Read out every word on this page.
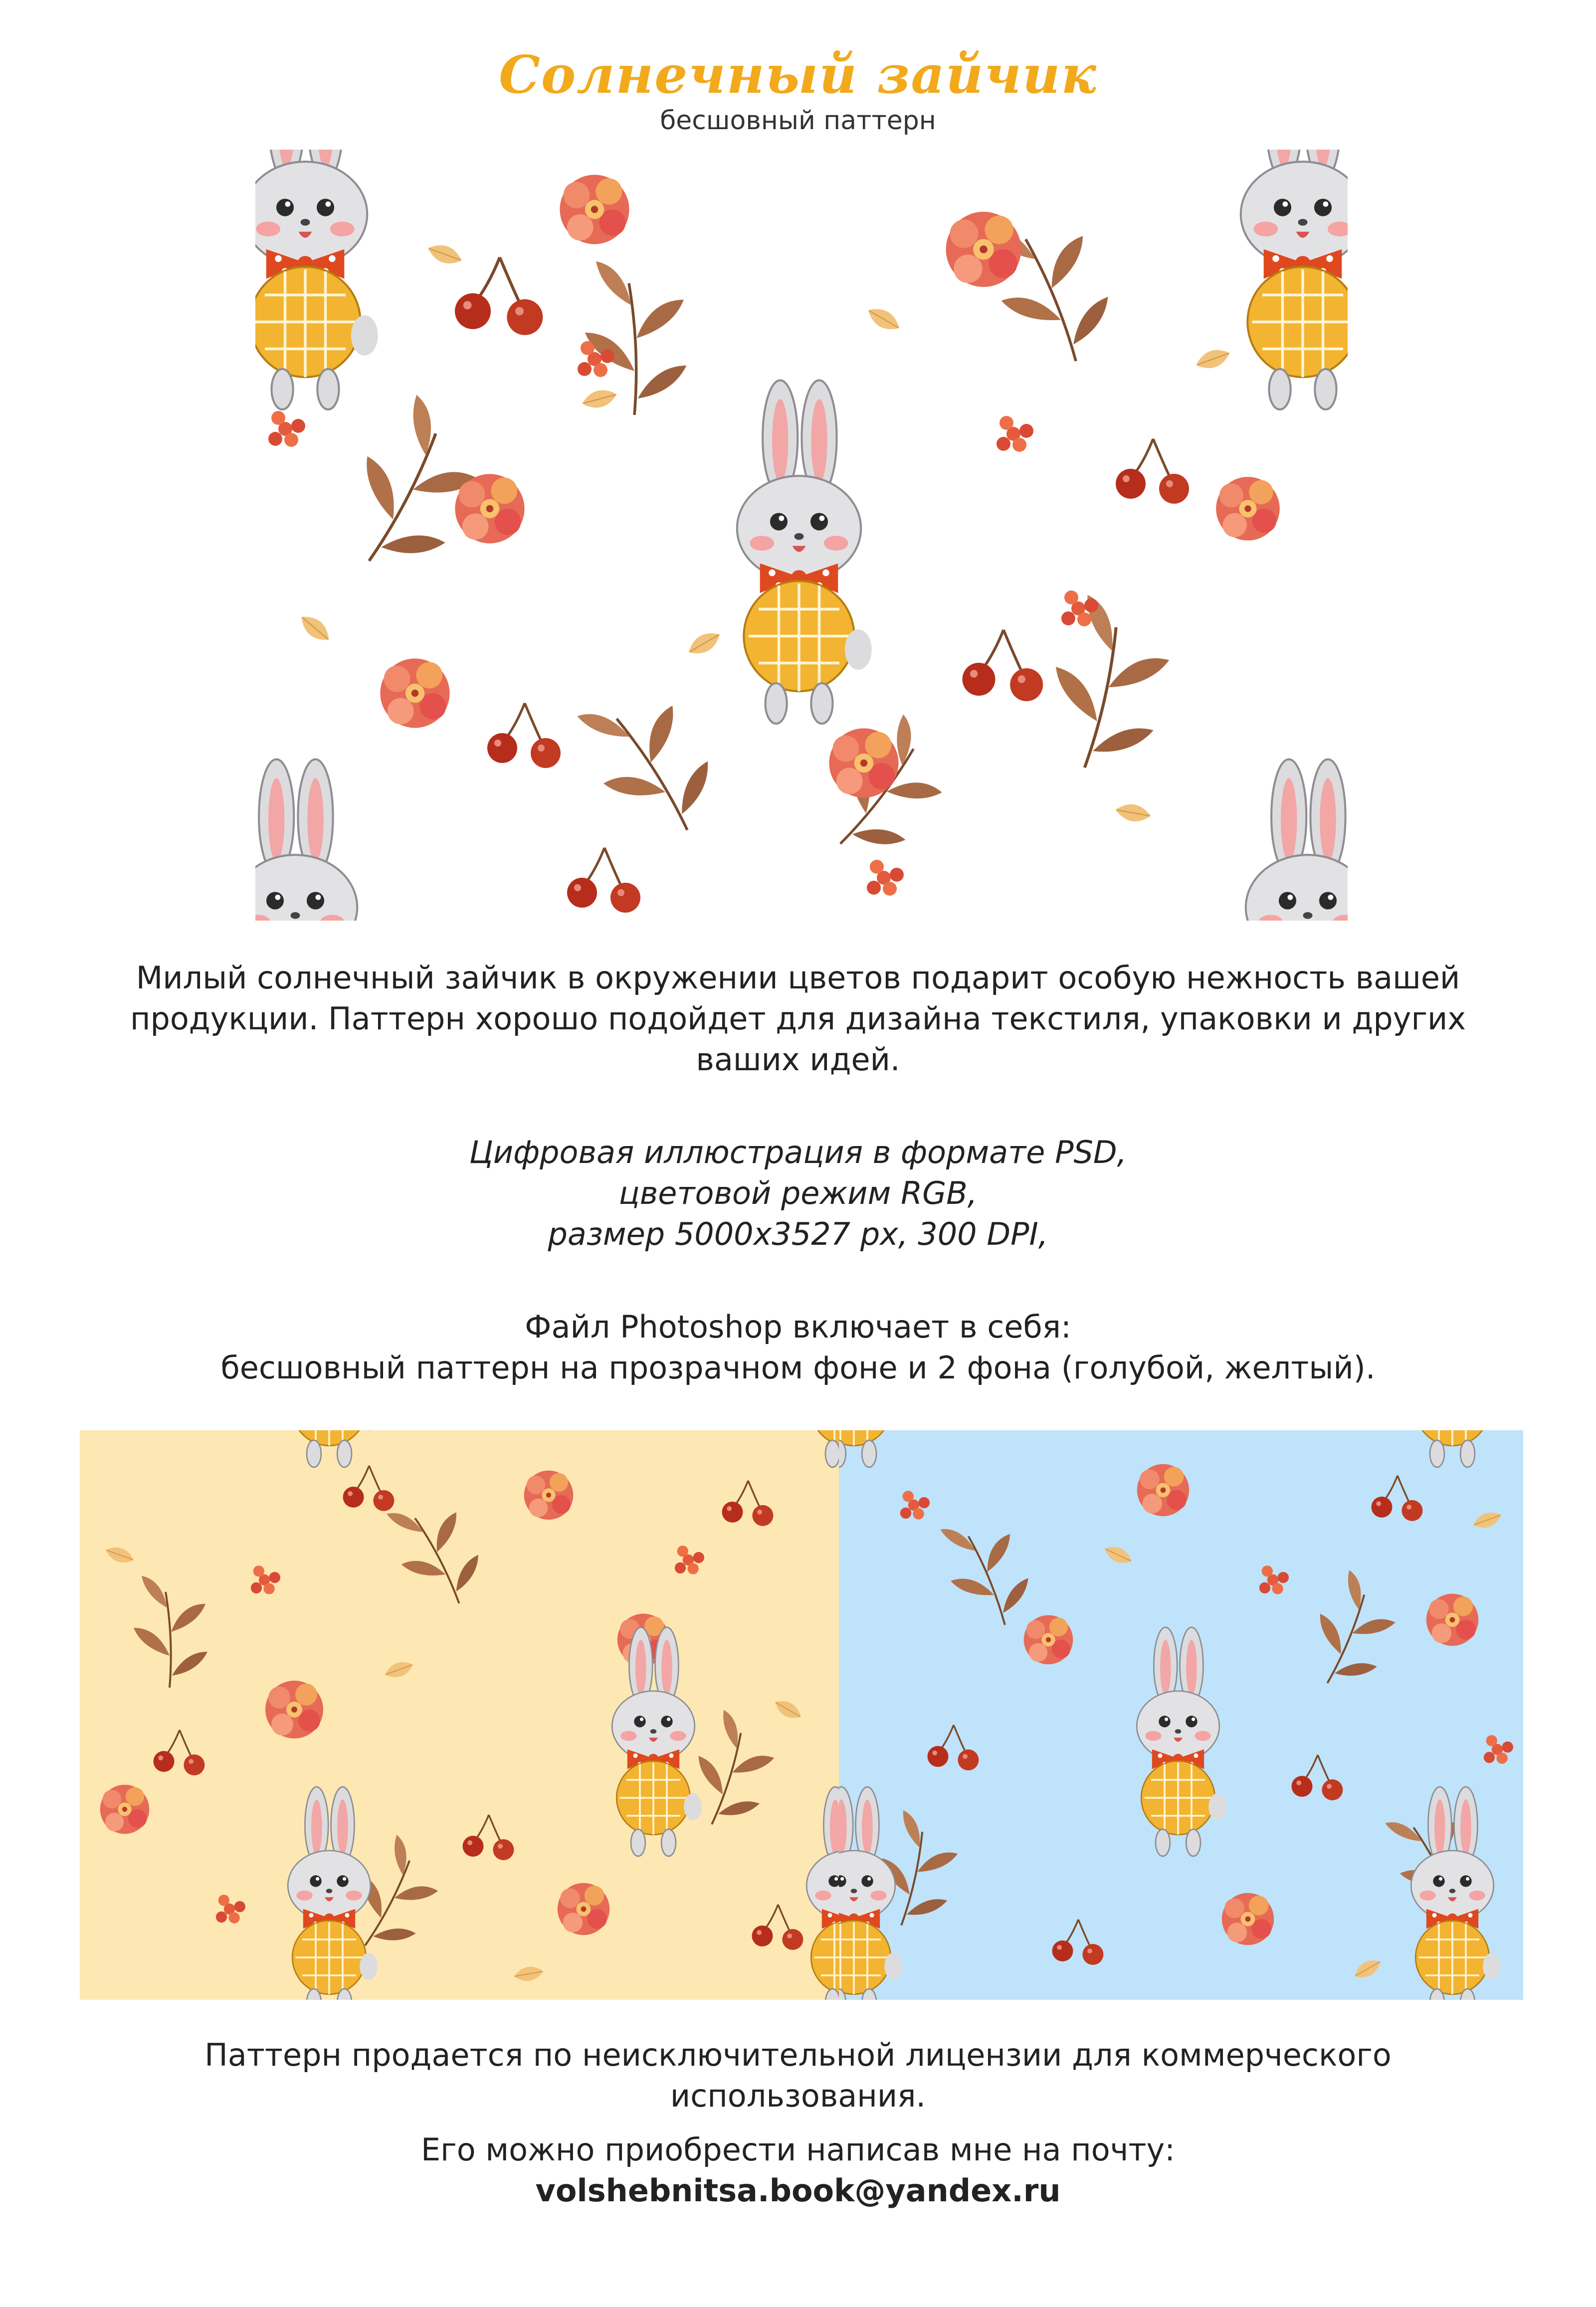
Солнечный зайчик
бесшовный паттерн

Милый солнечный зайчик в окружении цветов подарит особую нежность вашей

продукции. Паттерн хорошо подойдет для дизайна текстиля, упаковки и других

ваших идей.

Цифровая иллюстрация в формате PSD,

цветовой режим RGB,

размер 5000х3527 px, 300 DPI,

Файл Photoshop включает в себя:

бесшовный паттерн на прозрачном фоне и 2 фона (голубой, желтый).

Паттерн продается по неисключительной лицензии для коммерческого использования.

Его можно приобрести написав мне на почту:

volshebnitsa.book@yandex.ru
